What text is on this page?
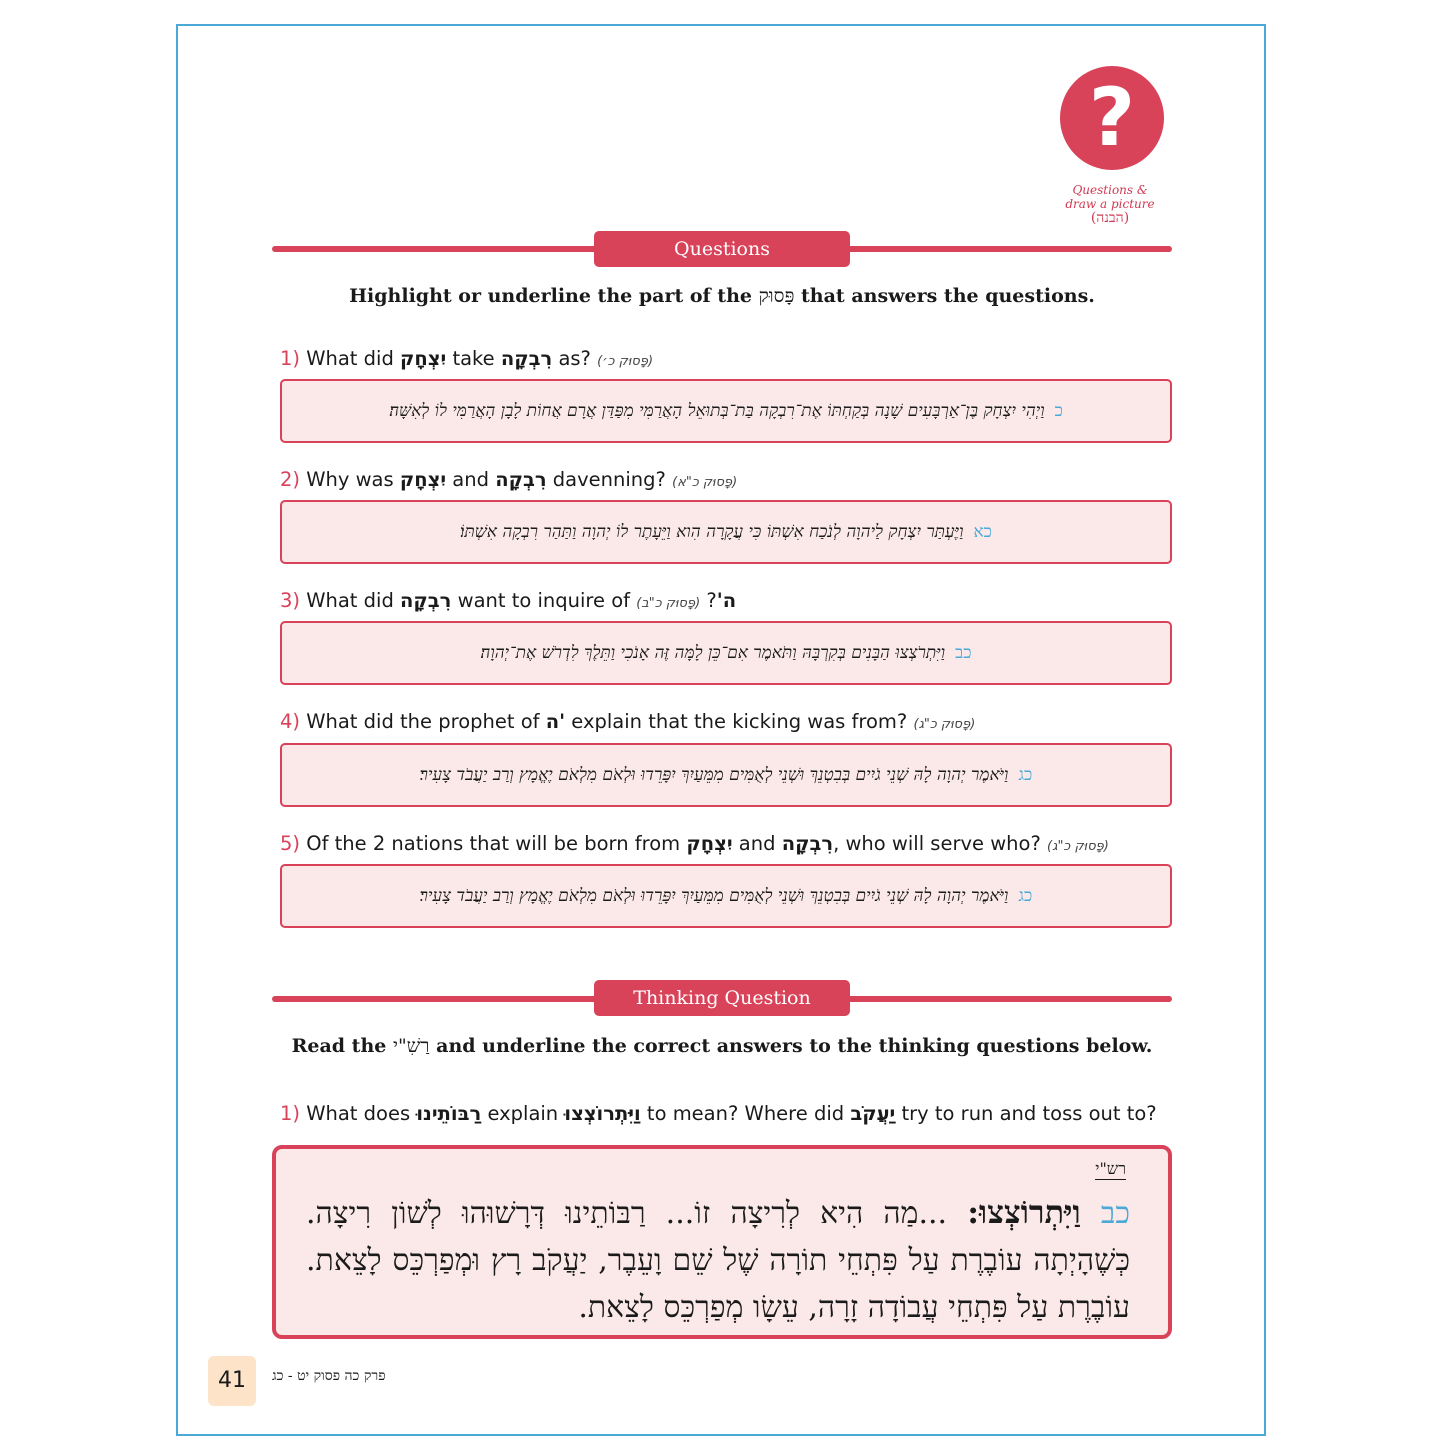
?
Questions &
draw a picture
(הבנה)
Questions
Highlight or underline the part of the פָּסוּק that answers the questions.
1) What did יִצְחָק take רִבְקָה as? (פָּסוּק כ׳)
כ
וַיְהִי יִצְחָק בֶּן־אַרְבָּעִים שָׁנָה בְּקַחְתּוֹ אֶת־רִבְקָה בַּת־בְּתוּאֵל הָאֲרַמִּי מִפַּדַּן אֲרָם אֲחוֹת לָבָן הָאֲרַמִּי לוֹ לְאִשָּׁה׃
2) Why was יִצְחָק and רִבְקָה davenning? (פָּסוּק כ"א)
כא
וַיֶּעְתַּר יִצְחָק לַיהוָה לְנֹכַח אִשְׁתּוֹ כִּי עֲקָרָה הִוא וַיֵּעָתֶר לוֹ יְהוָה וַתַּהַר רִבְקָה אִשְׁתּוֹ׃
3) What did רִבְקָה want to inquire of	ה'? (פָּסוּק כ"ב)
כב
וַיִּתְרֹצְצוּ הַבָּנִים בְּקִרְבָּהּ וַתֹּאמֶר אִם־כֵּן לָמָּה זֶּה אָנֹכִי וַתֵּלֶךְ לִדְרֹשׁ אֶת־יְהוָה׃
4) What did the prophet of ה' explain that the kicking was from? (פָּסוּק כ"ג)
כג
וַיֹּאמֶר יְהוָה לָהּ שְׁנֵי גֹיִים בְּבִטְנֵךְ וּשְׁנֵי לְאֻמִּים מִמֵּעַיִךְ יִפָּרֵדוּ וּלְאֹם מִלְאֹם יֶאֱמָץ וְרַב יַעֲבֹד צָעִיר׃
5) Of the 2 nations that will be born from יִצְחָק and רִבְקָה, who will serve who? (פָּסוּק כ"ג)
כג
וַיֹּאמֶר יְהוָה לָהּ שְׁנֵי גֹיִים בְּבִטְנֵךְ וּשְׁנֵי לְאֻמִּים מִמֵּעַיִךְ יִפָּרֵדוּ וּלְאֹם מִלְאֹם יֶאֱמָץ וְרַב יַעֲבֹד צָעִיר׃
Thinking Question
Read the רַשִׁ"י and underline the correct answers to the thinking questions below.
1) What does רַבּוֹתֵינוּ explain וַיִּתְרוֹצְצוּ to mean? Where did יַעֲקֹב try to run and toss out to?
רש"י
כב וַיִּתְרוֹצְצוּ: ...מַה הִיא לְרִיצָה זוֹ... רַבּוֹתֵינוּ דְּרָשׁוּהוּ לְשׁוֹן רִיצָה. כְּשֶׁהָיְתָה עוֹבֶרֶת עַל פִּתְחֵי תוֹרָה שֶׁל שֵׁם וָעֵבֶר, יַעֲקֹב רָץ וּמְפַרְכֵּס לָצֵאת. עוֹבֶרֶת עַל פִּתְחֵי עֲבוֹדָה זָרָה, עֵשָׂו מְפַרְכֵּס לָצֵאת.
41	פרק כה פסוק יט - כג
